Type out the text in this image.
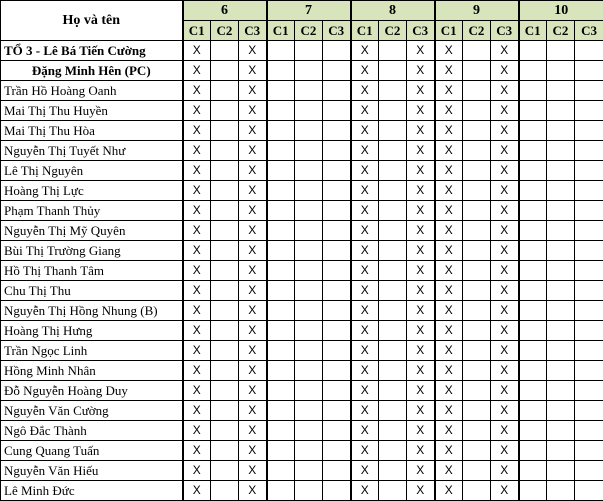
Họ và tên	6			7			8			9			10		
	C1	C2	C3	C1	C2	C3	C1	C2	C3	C1	C2	C3	C1	C2	C3
TỔ 3 - Lê Bá Tiến Cường	X		X				X		X	X		X			
Đặng Minh Hên (PC)	X		X				X		X	X		X			
Trần Hồ Hoàng Oanh	X		X				X		X	X		X			
Mai Thị Thu Huyền	X		X				X		X	X		X			
Mai Thị Thu Hòa	X		X				X		X	X		X			
Nguyễn Thị Tuyết Như	X		X				X		X	X		X			
Lê Thị Nguyên	X		X				X		X	X		X			
Hoàng Thị Lực	X		X				X		X	X		X			
Phạm Thanh Thủy	X		X				X		X	X		X			
Nguyễn Thị Mỹ Quyên	X		X				X		X	X		X			
Bùi Thị Trường Giang	X		X				X		X	X		X			
Hồ Thị Thanh Tâm	X		X				X		X	X		X			
Chu Thị Thu	X		X				X		X	X		X			
Nguyễn Thị Hồng Nhung (B)	X		X				X		X	X		X			
Hoàng Thị Hưng	X		X				X		X	X		X			
Trần Ngọc Linh	X		X				X		X	X		X			
Hồng Minh Nhân	X		X				X		X	X		X			
Đỗ Nguyễn Hoàng Duy	X		X				X		X	X		X			
Nguyễn Văn Cường	X		X				X		X	X		X			
Ngô Đắc Thành	X		X				X		X	X		X			
Cung Quang Tuấn	X		X				X		X	X		X			
Nguyễn Văn Hiếu	X		X				X		X	X		X			
Lê Minh Đức	X		X				X		X	X		X			
